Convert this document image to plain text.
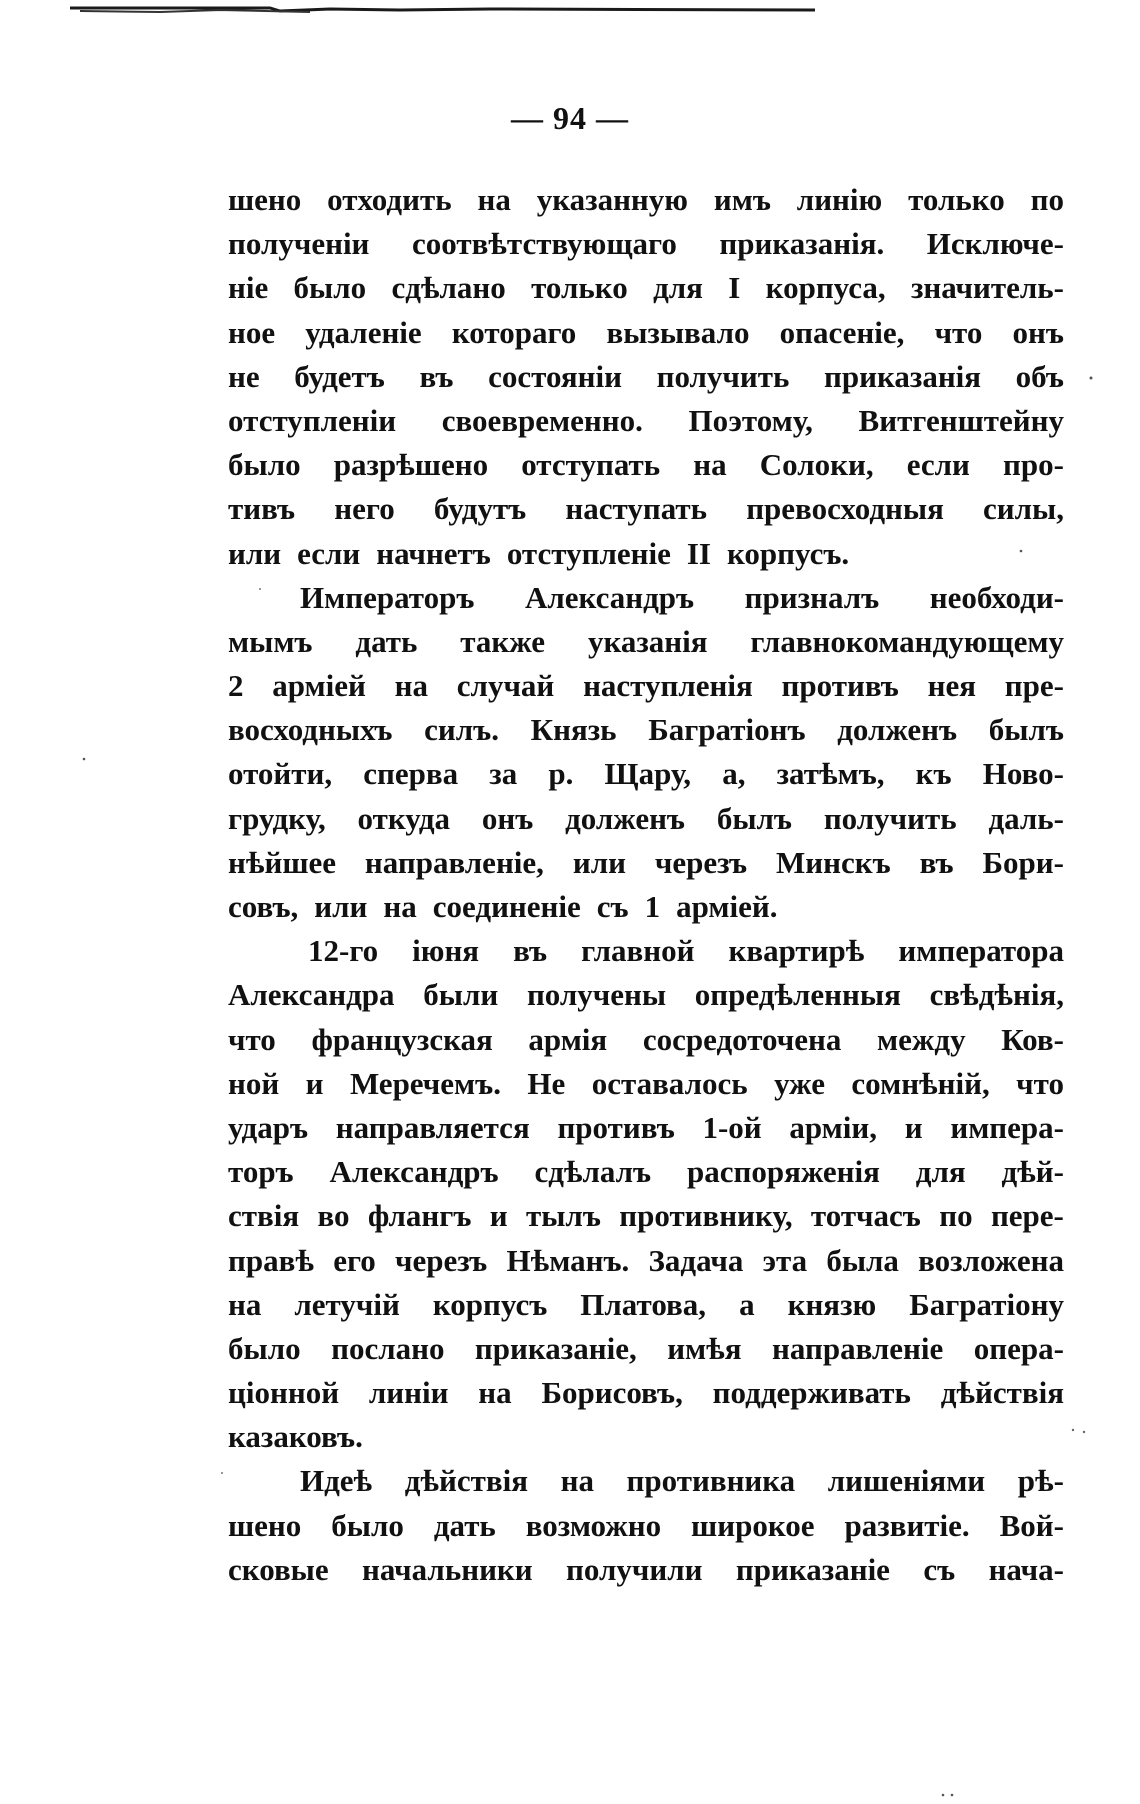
— 94 —
шено отходить на указанную имъ линію только по
полученіи соотвѣтствующаго приказанія. Исключе-
ніе было сдѣлано только для I корпуса, значитель-
ное удаленіе котораго вызывало опасеніе, что онъ
не будетъ въ состояніи получить приказанія объ
отступленіи своевременно. Поэтому, Витгенштейну
было разрѣшено отступать на Солоки, если про-
тивъ него будутъ наступать превосходныя силы,
или если начнетъ отступленіе II корпусъ.
Императоръ Александръ призналъ необходи-
мымъ дать также указанія главнокомандующему
2 арміей на случай наступленія противъ нея пре-
восходныхъ силъ. Князь Багратіонъ долженъ былъ
отойти, сперва за р. Щару, а, затѣмъ, къ Ново-
грудку, откуда онъ долженъ былъ получить даль-
нѣйшее направленіе, или черезъ Минскъ въ Бори-
совъ, или на соединеніе съ 1 арміей.
12-го іюня въ главной квартирѣ императора
Александра были получены опредѣленныя свѣдѣнія,
что французская армія сосредоточена между Ков-
ной и Меречемъ. Не оставалось уже сомнѣній, что
ударъ направляется противъ 1-ой арміи, и импера-
торъ Александръ сдѣлалъ распоряженія для дѣй-
ствія во флангъ и тылъ противнику, тотчасъ по пере-
правѣ его черезъ Нѣманъ. Задача эта была возложена
на летучій корпусъ Платова, а князю Багратіону
было послано приказаніе, имѣя направленіе опера-
ціонной линіи на Борисовъ, поддерживать дѣйствія
казаковъ.
Идеѣ дѣйствія на противника лишеніями рѣ-
шено было дать возможно широкое развитіе. Вой-
сковые начальники получили приказаніе съ нача-
